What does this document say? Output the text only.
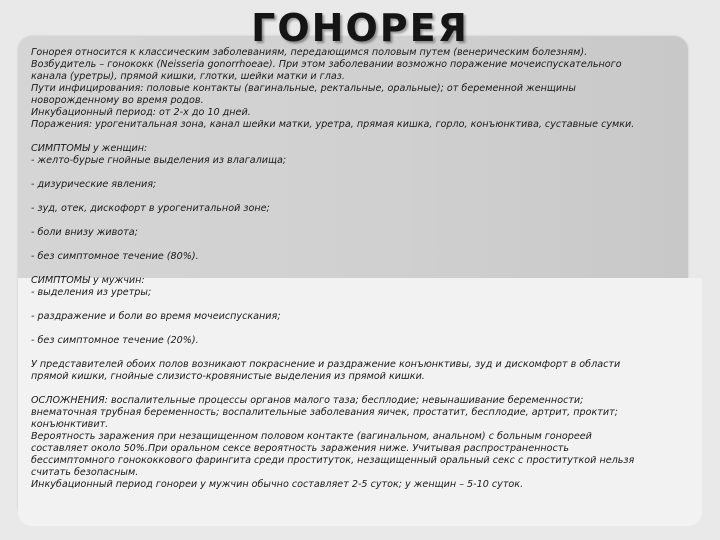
ГОНОРЕЯ

Гонорея относится к классическим заболеваниям, передающимся половым путем (венерическим болезням).

Возбудитель – гонококк (Neisseria gonorrhoeae). При этом заболевании возможно поражение мочеиспускательного

канала (уретры), прямой кишки, глотки, шейки матки и глаз.

Пути инфицирования: половые контакты (вагинальные, ректальные, оральные); от беременной женщины

новорожденному во время родов.

Инкубационный период: от 2-х до 10 дней.

Поражения: урогенитальная зона, канал шейки матки, уретра, прямая кишка, горло, конъюнктива, суставные сумки.

СИМПТОМЫ у женщин:

- желто-бурые гнойные выделения из влагалища;

- дизурические явления;

- зуд, отек, дискофорт в урогенитальной зоне;

- боли внизу живота;

- без симптомное течение (80%).

СИМПТОМЫ у мужчин:

- выделения из уретры;

- раздражение и боли во время мочеиспускания;

- без симптомное течение (20%).

У представителей обоих полов возникают покраснение и раздражение конъюнктивы, зуд и дискомфорт в области

прямой кишки, гнойные слизисто-кровянистые выделения из прямой кишки.

ОСЛОЖНЕНИЯ: воспалительные процессы органов малого таза; бесплодие; невынашивание беременности;

внематочная трубная беременность; воспалительные заболевания яичек, простатит, бесплодие, артрит, проктит;

конъюнктивит.

Вероятность заражения при незащищенном половом контакте (вагинальном, анальном) с больным гонореей

составляет около 50%.При оральном сексе вероятность заражения ниже. Учитывая распространенность

бессимптомного гонококкового фарингита среди проституток, незащищенный оральный секс с проституткой нельзя

считать безопасным.

Инкубационный период гонореи у мужчин обычно составляет 2-5 суток; у женщин – 5-10 суток.
